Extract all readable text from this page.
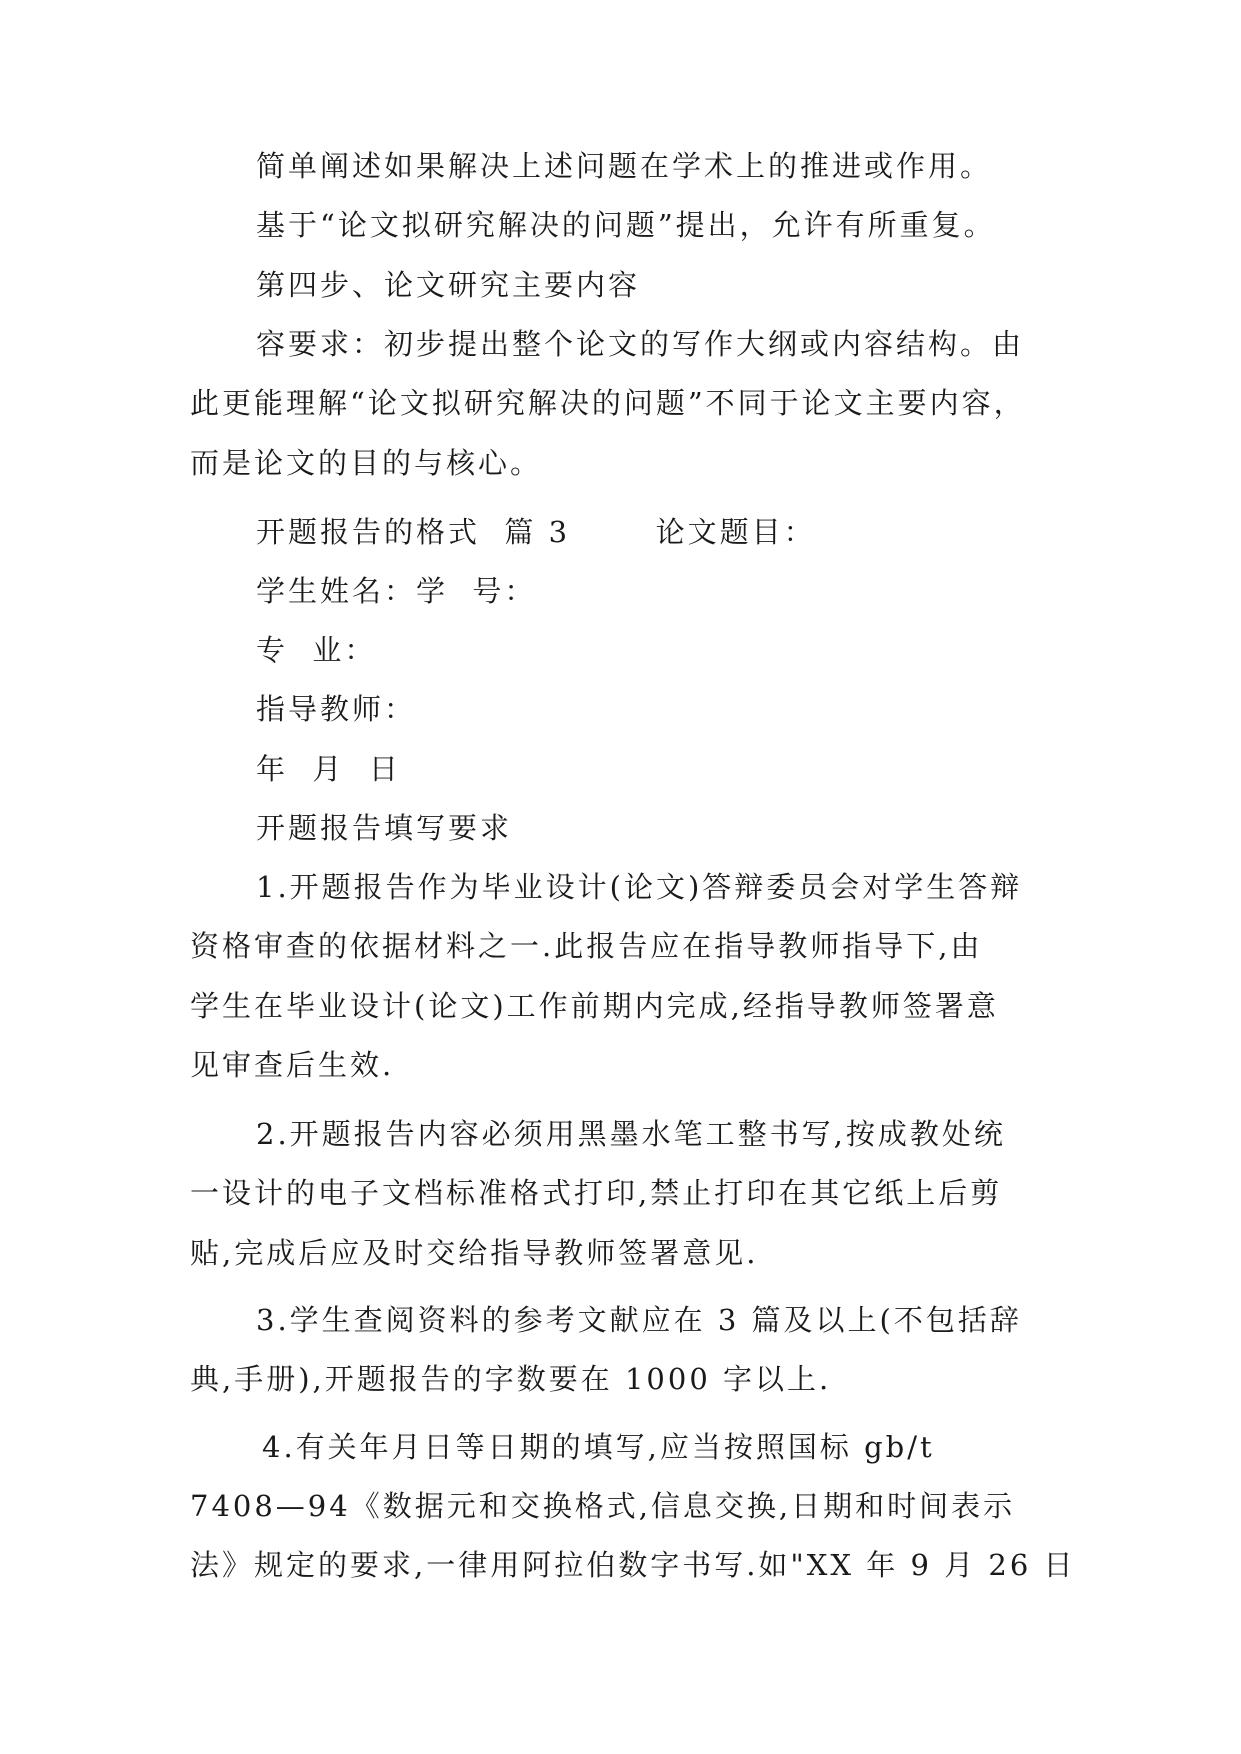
简单阐述如果解决上述问题在学术上的推进或作用。
基于“论文拟研究解决的问题”提出，允许有所重复。
第四步、论文研究主要内容
容要求：初步提出整个论文的写作大纲或内容结构。由
此更能理解“论文拟研究解决的问题”不同于论文主要内容，
而是论文的目的与核心。
开题报告的格式  篇 3       论文题目：
学生姓名：学  号：
专  业：
指导教师：
年  月  日
开题报告填写要求
1.开题报告作为毕业设计(论文)答辩委员会对学生答辩
资格审查的依据材料之一.此报告应在指导教师指导下,由
学生在毕业设计(论文)工作前期内完成,经指导教师签署意
见审查后生效.
2.开题报告内容必须用黑墨水笔工整书写,按成教处统
一设计的电子文档标准格式打印,禁止打印在其它纸上后剪
贴,完成后应及时交给指导教师签署意见.
3.学生查阅资料的参考文献应在 3 篇及以上(不包括辞
典,手册),开题报告的字数要在 1000 字以上.
4.有关年月日等日期的填写,应当按照国标 gb/t
7408—94《数据元和交换格式,信息交换,日期和时间表示
法》规定的要求,一律用阿拉伯数字书写.如"XX 年 9 月 26 日
